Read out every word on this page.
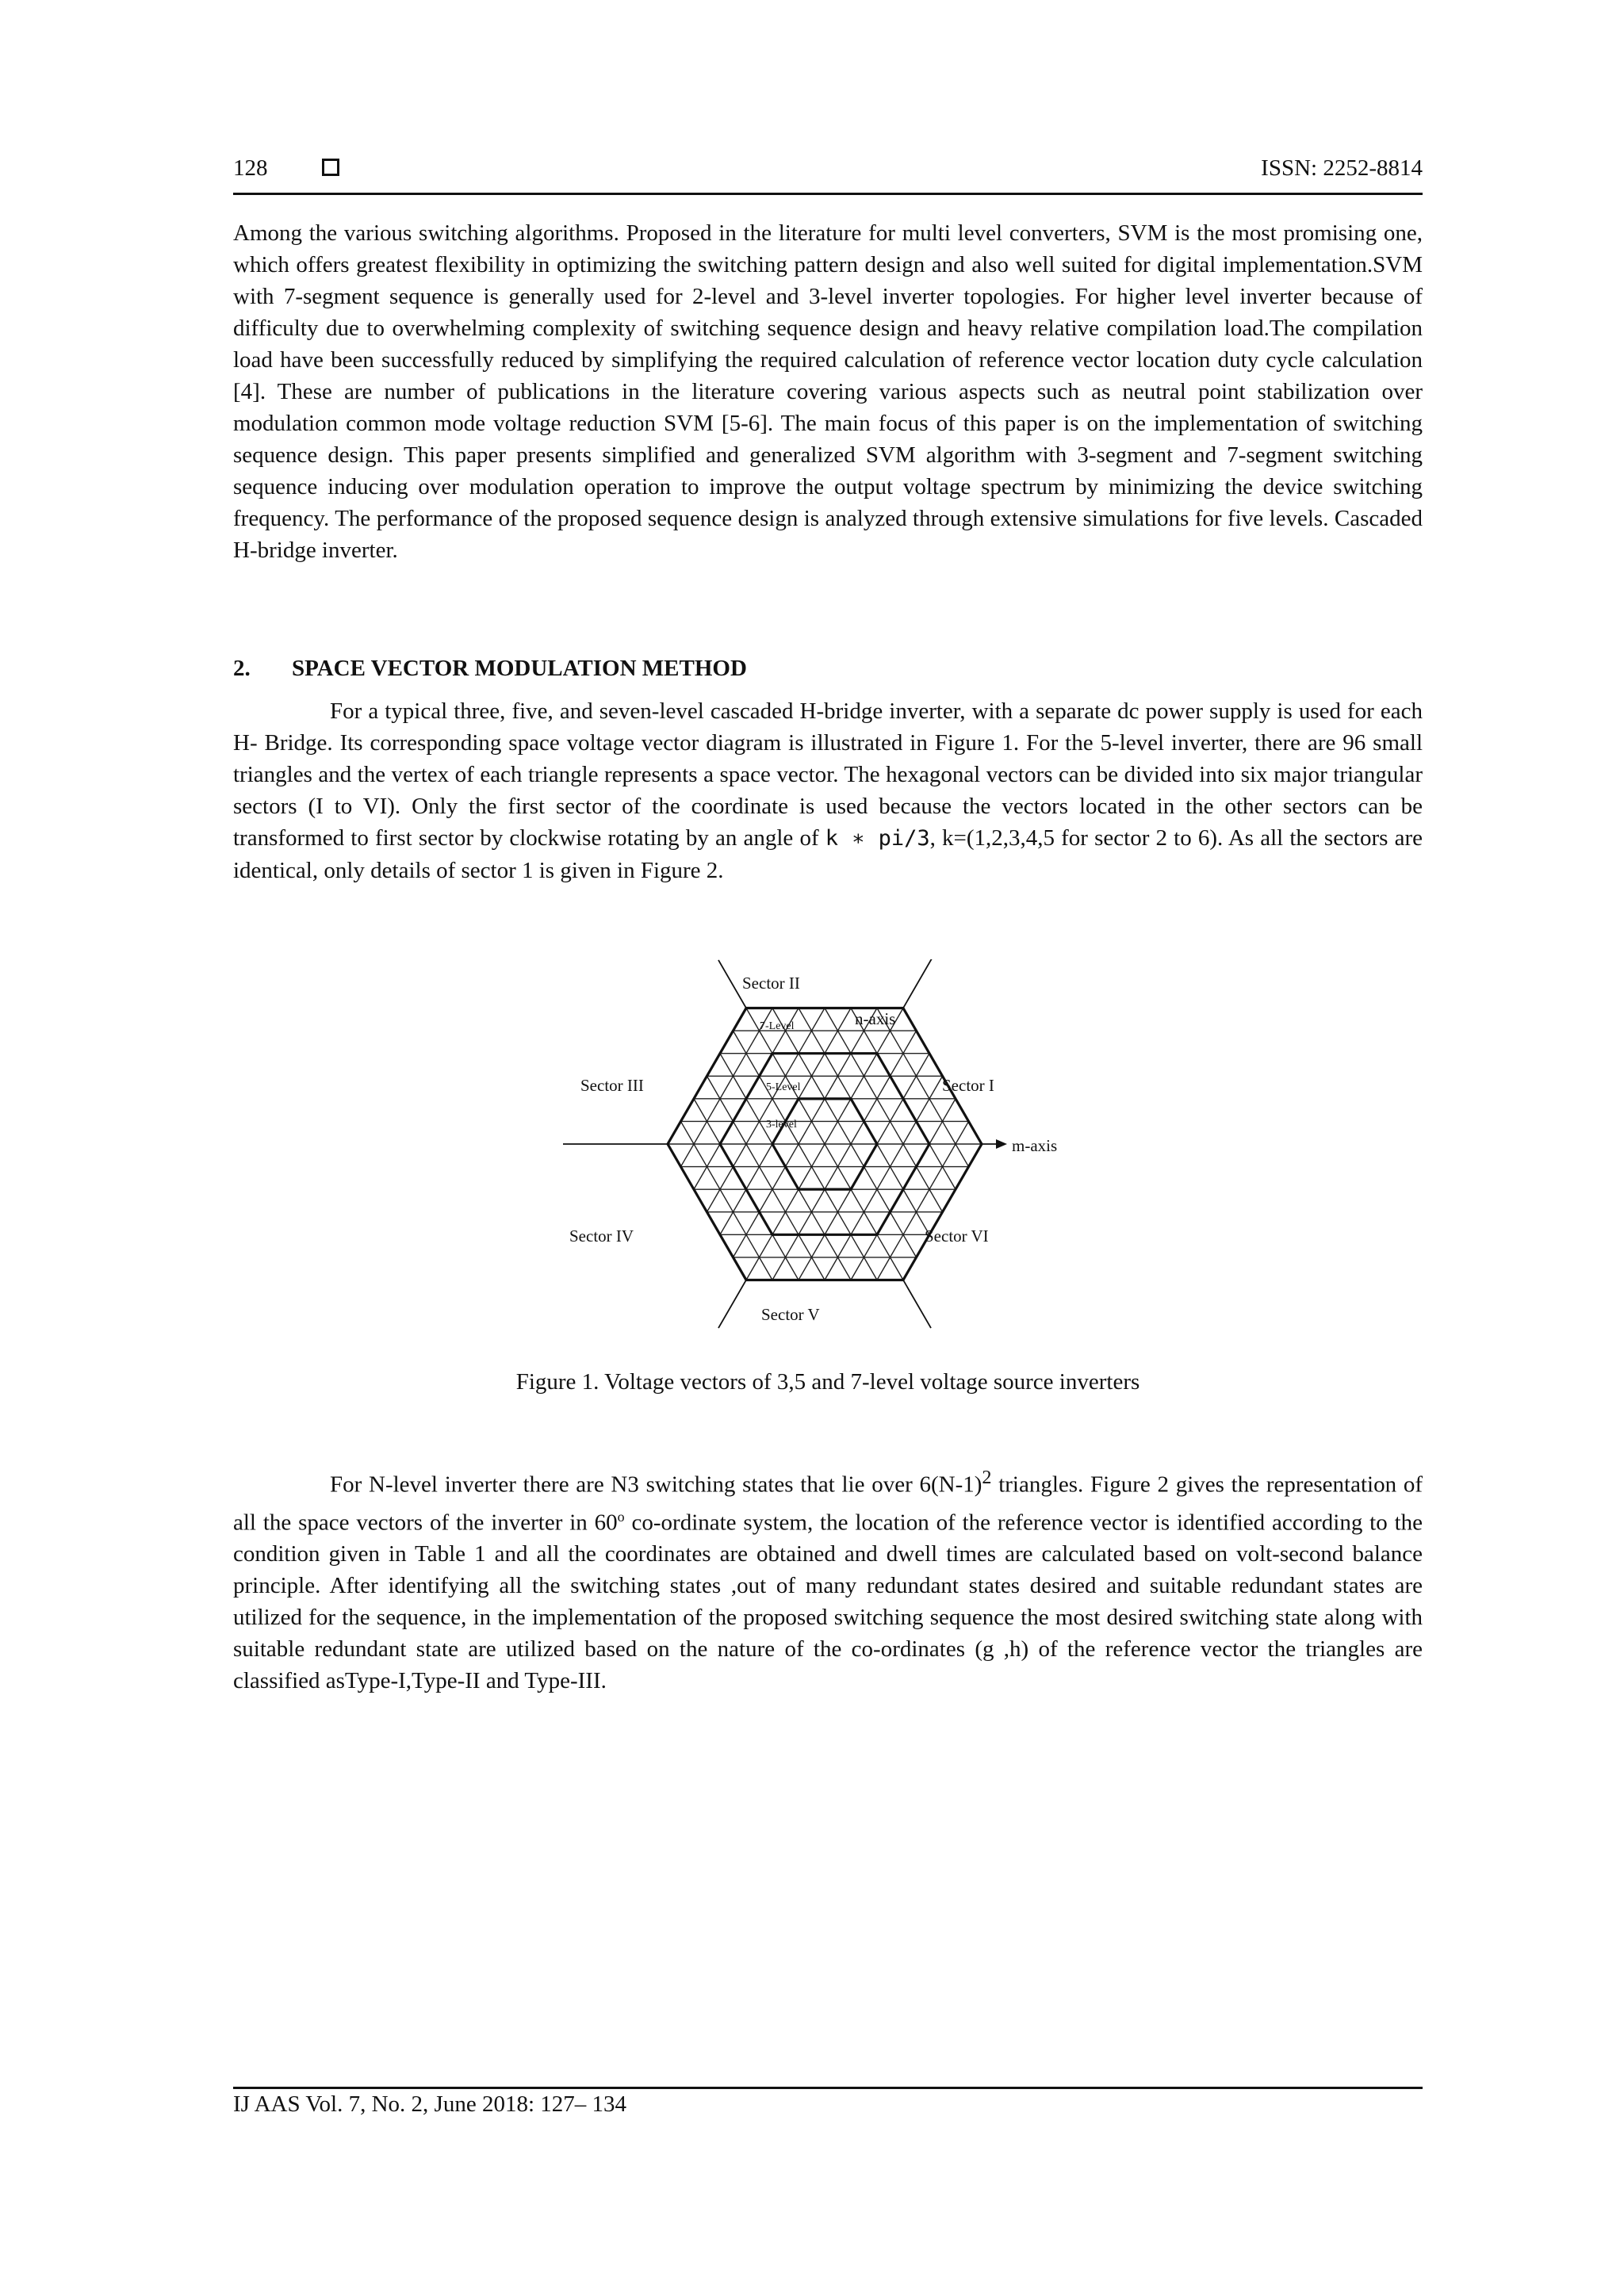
128	ISSN: 2252-8814

Among the various switching algorithms. Proposed in the literature for multi level converters, SVM is the most promising one, which offers greatest flexibility in optimizing the switching pattern design and also well suited for digital implementation.SVM with 7-segment sequence is generally used for 2-level and 3-level inverter topologies. For higher level inverter because of difficulty due to overwhelming complexity of switching sequence design and heavy relative compilation load.The compilation load have been successfully reduced by simplifying the required calculation of reference vector location duty cycle calculation [4]. These are number of publications in the literature covering various aspects such as neutral point stabilization over modulation common mode voltage reduction SVM [5-6]. The main focus of this paper is on the implementation of switching sequence design. This paper presents simplified and generalized SVM algorithm with 3-segment and 7-segment switching sequence inducing over modulation operation to improve the output voltage spectrum by minimizing the device switching frequency. The performance of the proposed sequence design is analyzed through extensive simulations for five levels. Cascaded H-bridge inverter.

2. SPACE VECTOR MODULATION METHOD

For a typical three, five, and seven-level cascaded H-bridge inverter, with a separate dc power supply is used for each H- Bridge. Its corresponding space voltage vector diagram is illustrated in Figure 1. For the 5-level inverter, there are 96 small triangles and the vertex of each triangle represents a space vector. The hexagonal vectors can be divided into six major triangular sectors (I to VI). Only the first sector of the coordinate is used because the vectors located in the other sectors can be transformed to first sector by clockwise rotating by an angle of k ∗ pi/3, k=(1,2,3,4,5 for sector 2 to 6). As all the sectors are identical, only details of sector 1 is given in Figure 2.

Sector II
n-axis
7-Level
Sector III	Sector I
5-Level
3-level
m-axis
Sector IV	Sector VI
Sector V
Figure 1. Voltage vectors of 3,5 and 7-level voltage source inverters

For N-level inverter there are N3 switching states that lie over $6(N-1)^2$ triangles. Figure 2 gives the representation of all the space vectors of the inverter in 60$^o$ co-ordinate system, the location of the reference vector is identified according to the condition given in Table 1 and all the coordinates are obtained and dwell times are calculated based on volt-second balance principle. After identifying all the switching states ,out of many redundant states desired and suitable redundant states are utilized for the sequence, in the implementation of the proposed switching sequence the most desired switching state along with suitable redundant state are utilized based on the nature of the co-ordinates (g ,h) of the reference vector the triangles are classified asType-I,Type-II and Type-III.

IJ AAS Vol. 7, No. 2, June 2018: 127– 134
